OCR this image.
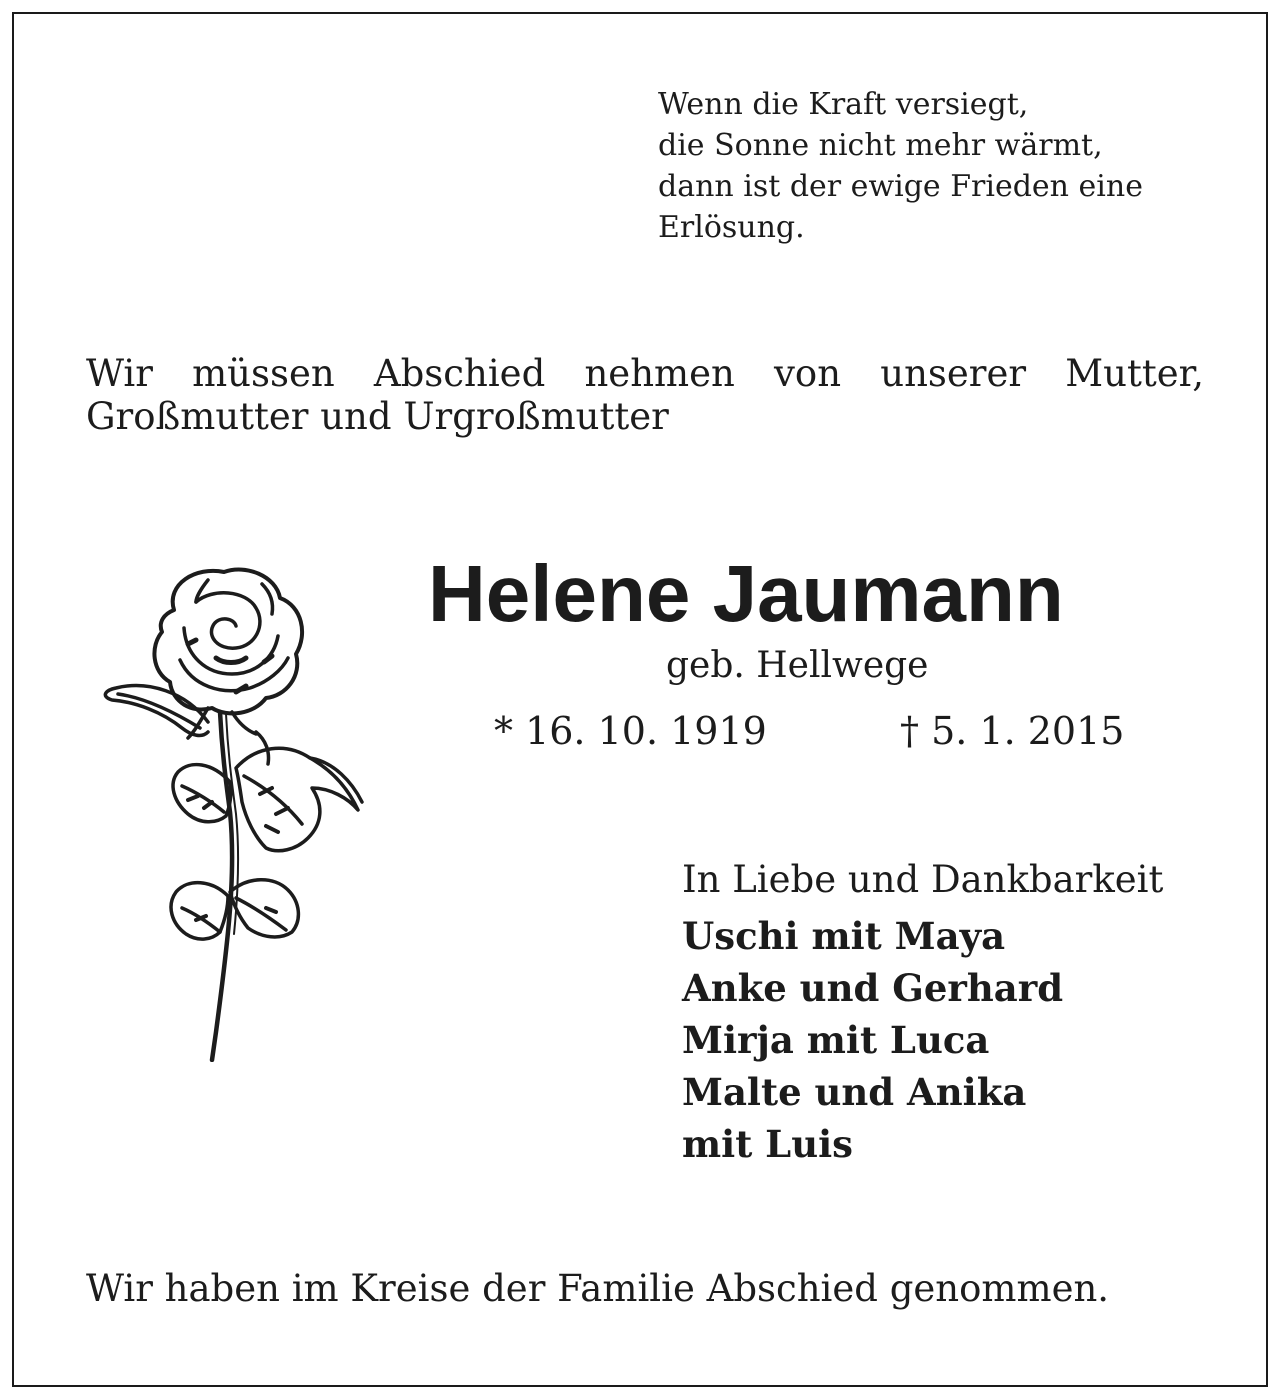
Wenn die Kraft versiegt,
die Sonne nicht mehr wärmt,
dann ist der ewige Frieden eine
Erlösung.
Wir müssen Abschied nehmen von unserer Mutter,
Großmutter und Urgroßmutter
Helene Jaumann
geb. Hellwege
* 16. 10. 1919	† 5. 1. 2015
In Liebe und Dankbarkeit
Uschi mit Maya
Anke und Gerhard
Mirja mit Luca
Malte und Anika
mit Luis
Wir haben im Kreise der Familie Abschied genommen.
